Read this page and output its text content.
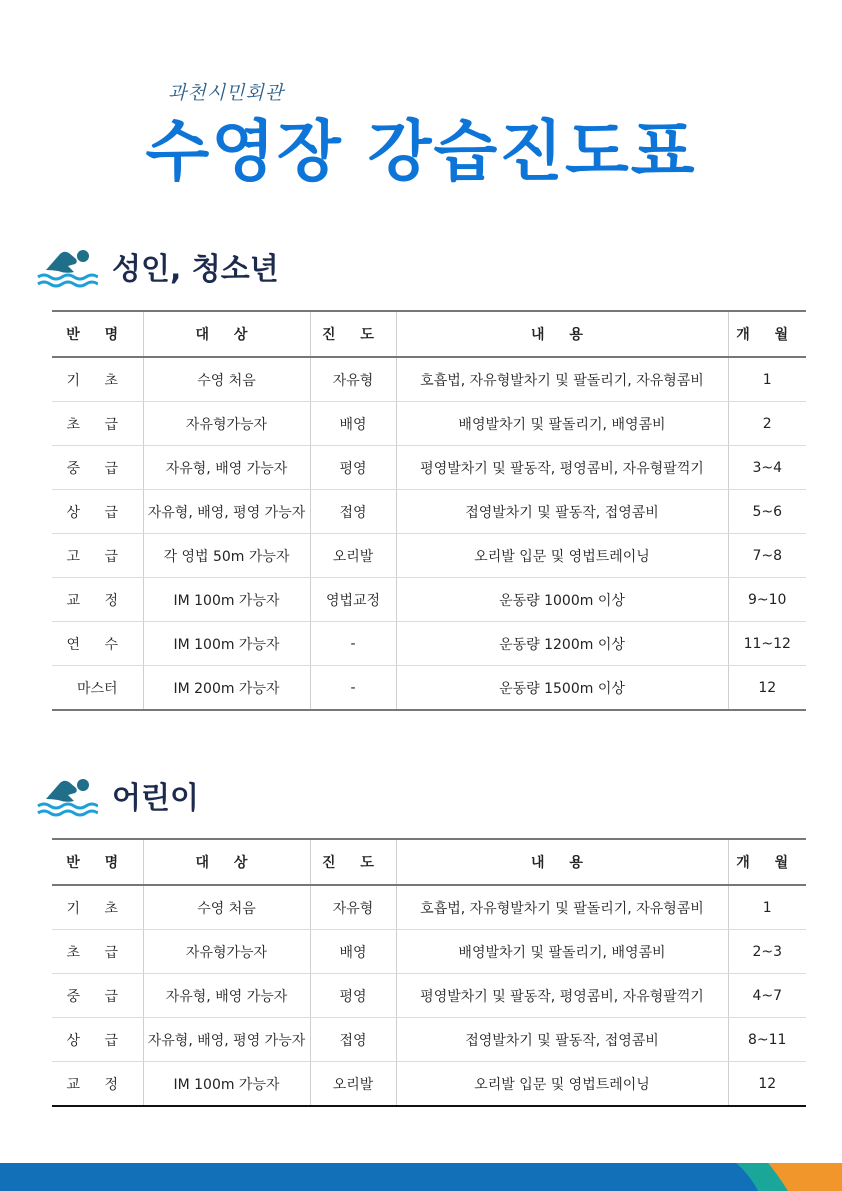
과천시민회관
수영장 강습진도표
성인, 청소년
반 명	대 상	진 도	내 용	개 월
기 초	수영 처음	자유형	호흡법, 자유형발차기 및 팔돌리기, 자유형콤비	1
초 급	자유형가능자	배영	배영발차기 및 팔돌리기, 배영콤비	2
중 급	자유형, 배영 가능자	평영	평영발차기 및 팔동작, 평영콤비, 자유형팔꺽기	3~4
상 급	자유형, 배영, 평영 가능자	접영	접영발차기 및 팔동작, 접영콤비	5~6
고 급	각 영법 50m 가능자	오리발	오리발 입문 및 영법트레이닝	7~8
교 정	IM 100m 가능자	영법교정	운동량 1000m 이상	9~10
연 수	IM 100m 가능자	-	운동량 1200m 이상	11~12
마스터	IM 200m 가능자	-	운동량 1500m 이상	12
어린이
반 명	대 상	진 도	내 용	개 월
기 초	수영 처음	자유형	호흡법, 자유형발차기 및 팔돌리기, 자유형콤비	1
초 급	자유형가능자	배영	배영발차기 및 팔돌리기, 배영콤비	2~3
중 급	자유형, 배영 가능자	평영	평영발차기 및 팔동작, 평영콤비, 자유형팔꺽기	4~7
상 급	자유형, 배영, 평영 가능자	접영	접영발차기 및 팔동작, 접영콤비	8~11
교 정	IM 100m 가능자	오리발	오리발 입문 및 영법트레이닝	12
